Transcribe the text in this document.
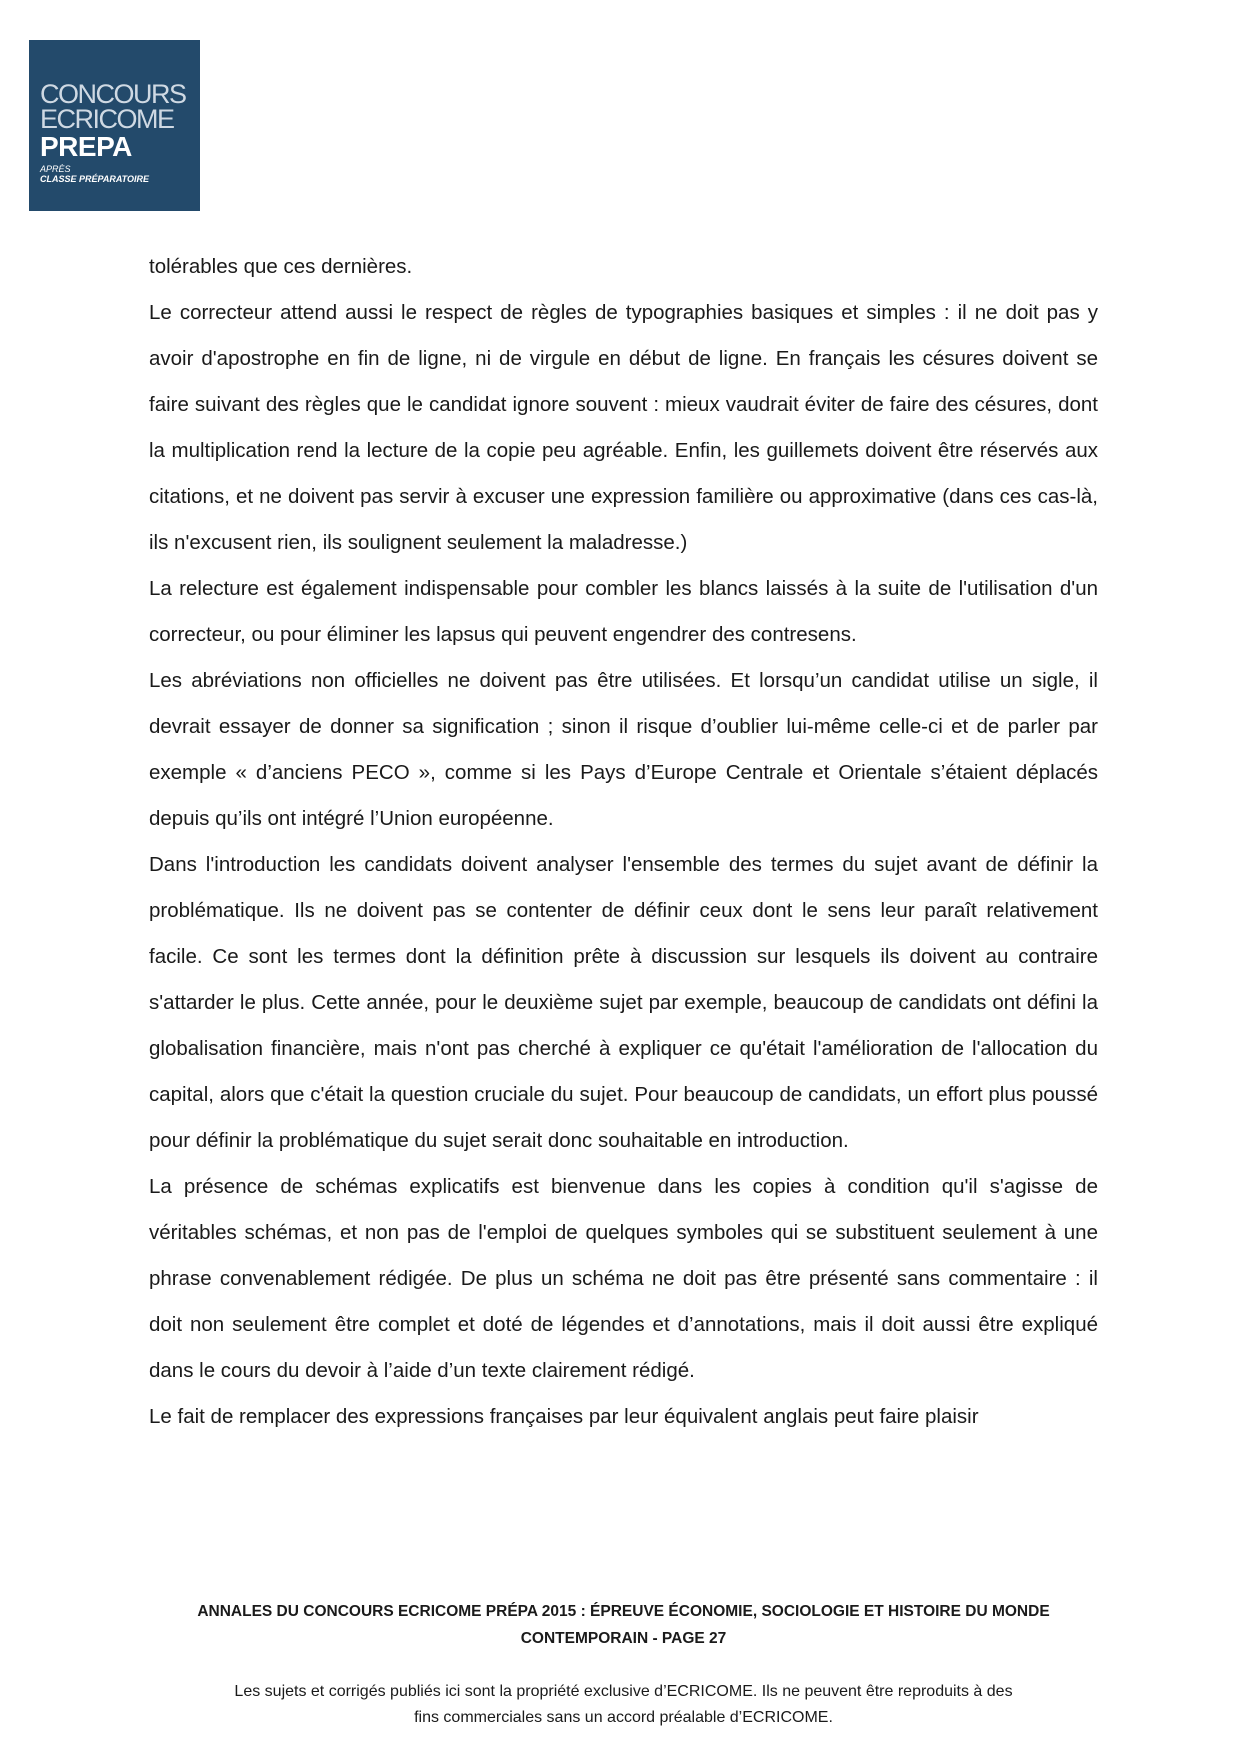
CONCOURS
ECRICOME
PREPA
APRÈS
CLASSE PRÉPARATOIRE

tolérables que ces dernières.

Le correcteur attend aussi le respect de règles de typographies basiques et simples : il ne doit pas y avoir d'apostrophe en fin de ligne, ni de virgule en début de ligne. En français les césures doivent se faire suivant des règles que le candidat ignore souvent : mieux vaudrait éviter de faire des césures, dont la multiplication rend la lecture de la copie peu agréable. Enfin, les guillemets doivent être réservés aux citations, et ne doivent pas servir à excuser une expression familière ou approximative (dans ces cas-là, ils n'excusent rien, ils soulignent seulement la maladresse.)

La relecture est également indispensable pour combler les blancs laissés à la suite de l'utilisation d'un correcteur, ou pour éliminer les lapsus qui peuvent engendrer des contresens.

Les abréviations non officielles ne doivent pas être utilisées. Et lorsqu’un candidat utilise un sigle, il devrait essayer de donner sa signification ; sinon il risque d’oublier lui-même celle-ci et de parler par exemple « d’anciens PECO », comme si les Pays d’Europe Centrale et Orientale s’étaient déplacés depuis qu’ils ont intégré l’Union européenne.

Dans l'introduction les candidats doivent analyser l'ensemble des termes du sujet avant de définir la problématique. Ils ne doivent pas se contenter de définir ceux dont le sens leur paraît relativement facile. Ce sont les termes dont la définition prête à discussion sur lesquels ils doivent au contraire s'attarder le plus. Cette année, pour le deuxième sujet par exemple, beaucoup de candidats ont défini la globalisation financière, mais n'ont pas cherché à expliquer ce qu'était l'amélioration de l'allocation du capital, alors que c'était la question cruciale du sujet. Pour beaucoup de candidats, un effort plus poussé pour définir la problématique du sujet serait donc souhaitable en introduction.

La présence de schémas explicatifs est bienvenue dans les copies à condition qu'il s'agisse de véritables schémas, et non pas de l'emploi de quelques symboles qui se substituent seulement à une phrase convenablement rédigée. De plus un schéma ne doit pas être présenté sans commentaire : il doit non seulement être complet et doté de légendes et d’annotations, mais il doit aussi être expliqué dans le cours du devoir à l’aide d’un texte clairement rédigé.

Le fait de remplacer des expressions françaises par leur équivalent anglais peut faire plaisir

ANNALES DU CONCOURS ECRICOME PRÉPA 2015 : ÉPREUVE ÉCONOMIE, SOCIOLOGIE ET HISTOIRE DU MONDE
CONTEMPORAIN - PAGE 27
Les sujets et corrigés publiés ici sont la propriété exclusive d’ECRICOME. Ils ne peuvent être reproduits à des
fins commerciales sans un accord préalable d’ECRICOME.
